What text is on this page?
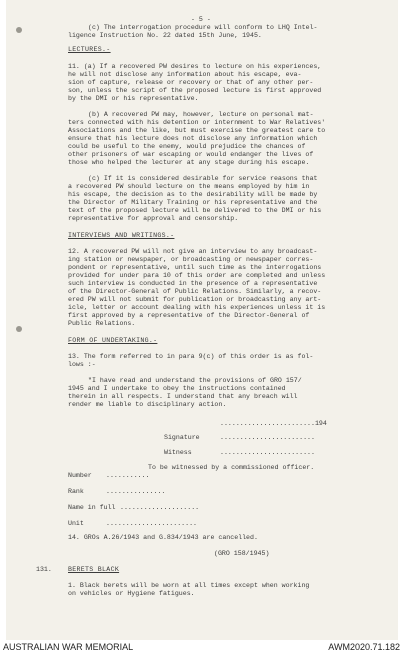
- 5 -

(c) The interrogation procedure will conform to LHQ Intel-

ligence Instruction No. 22 dated 15th June, 1945.

LECTURES.-

11. (a) If a recovered PW desires to lecture on his experiences,

he will not disclose any information about his escape, eva-

sion of capture, release or recovery or that of any other per-

son, unless the script of the proposed lecture is first approved

by the DMI or his representative.

(b) A recovered PW may, however, lecture on personal mat-

ters connected with his detention or internment to War Relatives'

Associations and the like, but must exercise the greatest care to

ensure that his lecture does not disclose any information which

could be useful to the enemy, would prejudice the chances of

other prisoners of war escaping or would endanger the lives of

those who helped the lecturer at any stage during his escape.

(c) If it is considered desirable for service reasons that

a recovered PW should lecture on the means employed by him in

his escape, the decision as to the desirability will be made by

the Director of Military Training or his representative and the

text of the proposed lecture will be delivered to the DMI or his

representative for approval and censorship.

INTERVIEWS AND WRITINGS.-

12. A recovered PW will not give an interview to any broadcast-

ing station or newspaper, or broadcasting or newspaper corres-

pondent or representative, until such time as the interrogations

provided for under para 10 of this order are completed and unless

such interview is conducted in the presence of a representative

of the Director-General of Public Relations. Similarly, a recov-

ered PW will not submit for publication or broadcasting any art-

icle, letter or account dealing with his experiences unless it is

first approved by a representative of the Director-General of

Public Relations.

FORM OF UNDERTAKING.-

13. The form referred to in para 9(c) of this order is as fol-

lows :-

"I have read and understand the provisions of GRO 157/

1945 and I undertake to obey the instructions contained

therein in all respects. I understand that any breach will

render me liable to disciplinary action.

........................194

Signature	........................

Witness	........................

To be witnessed by a commissioned officer.

Number ...........

Rank	...............

Name in full ....................

Unit	.......................

14. GROs A.26/1943 and G.834/1943 are cancelled.

(GRO 158/1945)

131. BERETS BLACK

1. Black berets will be worn at all times except when working

on vehicles or Hygiene fatigues.

AUSTRALIAN WAR MEMORIAL	AWM2020.71.182
